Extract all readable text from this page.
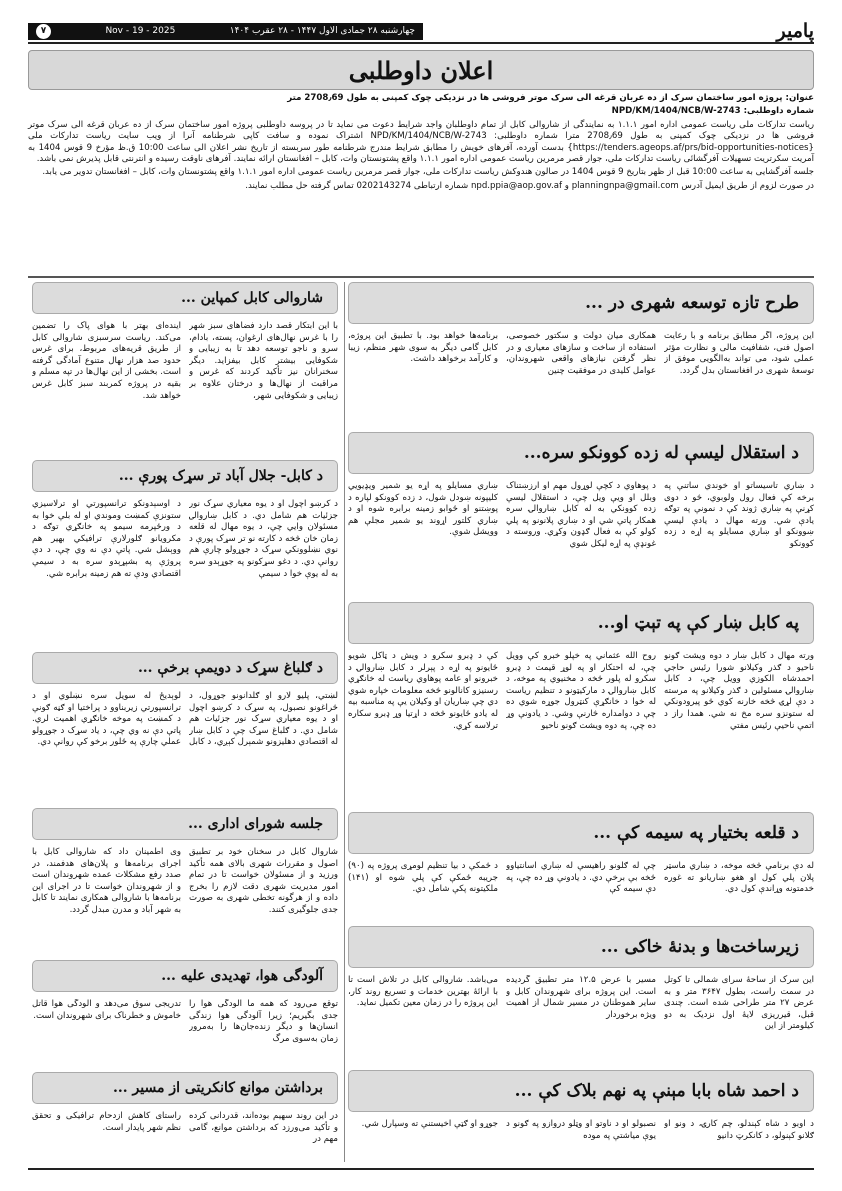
پامیر
۷	Nov - 19 - 2025	چهارشنبه ۲۸ جمادی الاول ۱۴۴۷ - ۲۸ عقرب ۱۴۰۴
اعلان داوطلبی

عنوان: پروژه امور ساختمان سرک از ده عربان قرغه الی سرک موتر فروشی ها در نزدیکی چوک کمپنی به طول 2708٫69 متر

شماره داوطلبی: NPD/KM/1404/NCB/W-2743

ریاست تدارکات ملی ریاست عمومی اداره امور ۱.۱.۱ به نمایندگی از شاروالی کابل از تمام داوطلبان واجد شرایط دعوت می نماید تا در پروسه داوطلبی پروژه امور ساختمان سرک از ده عربان قرغه الی سرک موتر فروشی ها در نزدیکی چوک کمپنی به طول 2708٫69 مترا شماره داوطلبی: NPD/KM/1404/NCB/W-2743 اشتراک نموده و سافت کاپی شرطنامه آنرا از ویب سایت ریاست تدارکات ملی {https://tenders.ageops.af/prs/bid-opportunities-notices} بدست آورده، آفرهای خویش را مطابق شرایط مندرج شرطنامه طور سربسته از تاریخ نشر اعلان الی ساعت 10:00 ق.ظ مؤرخ 9 قوس 1404 به آمریت سکرتریت تسهیلات آفرگشائی ریاست تدارکات ملی، جوار قصر مرمرین ریاست عمومی اداره امور ۱.۱.۱ واقع پشتونستان وات، کابل – افغانستان ارائه نمایند. آفرهای ناوقت رسیده و انترنتی قابل پذیرش نمی باشد.

جلسه آفرگشایی به ساعت 10:00 قبل از ظهر بتاریخ 9 قوس 1404 در صالون هندوکش ریاست تدارکات ملی، جوار قصر مرمرین ریاست عمومی اداره امور ۱.۱.۱ واقع پشتونستان وات، کابل – افغانستان تدویر می یابد.

در صورت لزوم از طریق ایمیل آدرس planningnpa@gmail.com و npd.ppia@aop.gov.af شماره ارتباطی 0202143274 تماس گرفته حل مطلب نمایند.

طرح تازه توسعه شهری در ...

این پروژه، اگر مطابق برنامه و با رعایت اصول فنی، شفافیت مالی و نظارت مؤثر عملی شود، می تواند به‌الگویی موفق از توسعهٔ شهری در افغانستان بدل گردد.

همکاری میان دولت و سکتور خصوصی، استفاده از ساخت و سازهای معیاری و در نظر گرفتن نیازهای واقعی شهروندان، عوامل کلیدی در موفقیت چنین

برنامه‌ها خواهد بود. با تطبیق این پروژه، کابل گامی دیگر به سوی شهر منظم، زیبا و کارآمد برخواهد داشت.

د استقلال لیسې له زده کوونکو سره...

د ښاري تاسیساتو او خوندي ساتنې په برخه کې فعال رول ولوبوي، څو د دوی کړنې په ښاري ژوند کې د نمونې په توګه یادې شي. ورته مهال د یادې لیسې ښوونکو او ښاري مسایلو په اړه د زده کوونکو

د پوهاوي د کچې لوړول مهم او ارزښتناک وبلل او ویې ویل چې، د استقلال لیسې زده کوونکي به له کابل ښاروالۍ سره همکار پاتې شي او د ښاري پلانونو په پلي کولو کې به فعال ګډون وکړي. وروسته د غونډې په اړه لیکل شوي

ښاري مسایلو په اړه یو شمیر ویډیویي کلیپونه ښودل شول، د زده کوونکو لپاره د پوښتنو او ځوابو زمینه برابره شوه او د ښاري کلتور اړوند یو شمیر مجلې هم وویشل شوې.

په کابل ښار کې په تېټ او...

ورته مهال د کابل ښار د دوه ویشت ګونو ناحیو د ګذر وکیلانو شورا رئیس حاجي احمدشاه الکوزي وویل چې، د کابل ښاروالۍ مسئولین د ګذر وکیلانو په مرسته د دې لړۍ څخه خارنه کوي څو پیرودونکي له ستونزو سره مخ نه شي. همدا راز د اتمې ناحیې رئیس مفتي

روح الله عثماني په خپلو خبرو کې وویل چې، له احتکار او په لوړ قیمت د ډبرو سکرو له پلور څخه د مخنیوي په موخه، د کابل ښاروالۍ د مارکیټونو د تنظیم ریاست له خوا د خانګړې کنټرول جوړه شوي ده چې د دوامداره څارنې وشي. د یادونې وړ ده چې، په دوه ویشت ګونو ناحیو

کې د ډبرو سکرو د ویش د ټاکل شویو ځایونو په اړه د پېرلر د کابل ښاروالۍ د خبرونو او عامه پوهاوي ریاست له خانګړي رسنیزو کانالونو څخه معلومات خپاره شوي دي چې ښاریان او وکیلان یې په مناسبه بیه له یادو ځایونو څخه د اړتیا وړ ډبرو سکاره ترلاسه کړي.

د قلعه بختیار په سیمه کې ...

له دې برنامې څخه موخه، د ښاري ماسټر پلان پلي کول او هغو ښاریانو ته غوره خدمتونه وړاندې کول دي.

چې له ګلونو راهیسې له ښاري آسانتیاوو څخه بې برخې دي. د یادونې وړ ده چې، په دې سیمه کې

د څمکې د بیا تنظیم لومړی پروژه په (۹۰) جریبه ځمکې کې پلي شوه او (۱۴۱) ملکیتونه پکې شامل دي.

زیرساخت‌ها و بدنهٔ خاکی ...

این سرک از ساحهٔ سرای شمالی تا کوتل در سمت راست، بطول ۳۶۴۷ متر و به عرض ۲۷ متر طراحی شده است. چندی قبل، قیرریزی لایهٔ اول نزدیک به دو کیلومتر از این

مسیر با عرض ۱۲.۵ متر تطبیق گردیده است. این پروژه برای شهروندان کابل و سایر هموطنان در مسیر شمال از اهمیت ویژه برخوردار

می‌باشد. شاروالی کابل در تلاش است تا با ارائهٔ بهترین خدمات و تسریع روند کار، این پروژه را در زمان معین تکمیل نماید.

د احمد شاه بابا مېنې په نهم بلاک کې ...

د اوبو د شاه کېندلو، چم کارۍ، د ونو او ګلانو کېنولو، د کانکرټ دانیو

نصبولو او د ناوتو او وټلو دروازو په ګونو د یوې میاشتې په موده

جوړو او ګټې اخیستنې ته وسپارل شي.

شاروالی کابل کمپاین ...

با این ابتکار قصد دارد فضاهای سبز شهر را با غرس نهال‌های ارغوان، پسته، بادام، سرو و ناجو توسعه دهد تا به زیبایی و شکوفایی بیشتر کابل بیفزاید. دیگر سخنرانان نیز تأکید کردند که غرس و مراقبت از نهال‌ها و درختان علاوه بر زیبایی و شکوفایی شهر،

آینده‌ای بهتر با هوای پاک را تضمین می‌کند. ریاست سرسبزی شاروالی کابل از طریق قریه‌های مربوط، برای غرس حدود صد هزار نهال متنوع آمادگی گرفته است. بخشی از این نهال‌ها در تپه مسلم و بقیه در پروژه کمربند سبز کابل غرس خواهد شد.

د کابل- جلال آباد تر سړک پورې ...

د کرښو اچول او د یوه معیاري سړک نور جزئیات هم شامل دي. د کابل ښاروالۍ مسئولان وایي چې، د یوه مهال له قلعه زمان خان څخه د کارته نو تر سړک پورې د نوي نښلوونکي سړک د جوړولو چارې هم روانې دي. د دغو سړکونو په جوړېدو سره به له یوې خوا د سیمې

د اوسېدونکو ترانسپورتي او ترلاسیزي ستونزې کمښت وموندي او له بلې خوا به د ورځپرمه سیمو په خانګړي توګه د مکرویانو ګلورلارې ترافیکي بهیر هم ووېشل شي. پاتې دې نه وي چې، د دې پروژې په بشپړېدو سره به د سیمې اقتصادي ودې ته هم زمینه برابره شي.

د ګلباغ سړک د دویمې برخې ...

لښتي، پلیو لارو او ګلدانونو جوړول، د څراغونو نصبول، په سړک د کرښو اچول او د یوه معیاري سړک نور جزئیات هم شامل دي. د ګلباغ سړک چې د کابل ښار له اقتصادي دهلیزونو شمېرل کېږي، د کابل

لوېديځ له سویل سره نښلوي او د ترانسپورتي زیربناوو د پراختیا او ګڼه ګونې د کمښت په موخه خانګړي اهمیت لري. پاتې دې نه وي چې، د یاد سړک د جوړولو عملي چارې په ځلور برخو کې روانې دي.

جلسه شورای اداری ...

شاروال کابل در سخنان خود بر تطبیق اصول و مقررات شهری بالای همه تأکید ورزید و از مسئولان خواست تا در تمام امور مدیریت شهری دقت لازم را بخرج داده و از هرگونه تخطی شهری به صورت جدی جلوگیری کنند.

وی اطمینان داد که شاروالی کابل با اجرای برنامه‌ها و پلان‌های هدفمند، در صدد رفع مشکلات عمده شهروندان است و از شهروندان خواست تا در اجرای این برنامه‌ها با شاروالی همکاری نمایند تا کابل به شهر آباد و مدرن مبدل گردد.

آلودگی هوا، تهدیدی علیه ...

توقع می‌رود که همه ما آلودگی هوا را جدی بگیریم؛ زیرا آلودگی هوا زندگی انسان‌ها و دیگر زنده‌جان‌ها را به‌مرور زمان به‌سوی مرگ

تدریجی سوق می‌دهد و آلودگی هوا قاتل خاموش و خطرناک برای شهروندان است.

برداشتن موانع کانکریتی از مسیر ...

در این روند سهیم بوده‌اند، قدردانی کرده و تأکید می‌ورزد که برداشتن موانع، گامی مهم در

راستای کاهش ازدحام ترافیکی و تحقق نظم شهر پایدار است.
